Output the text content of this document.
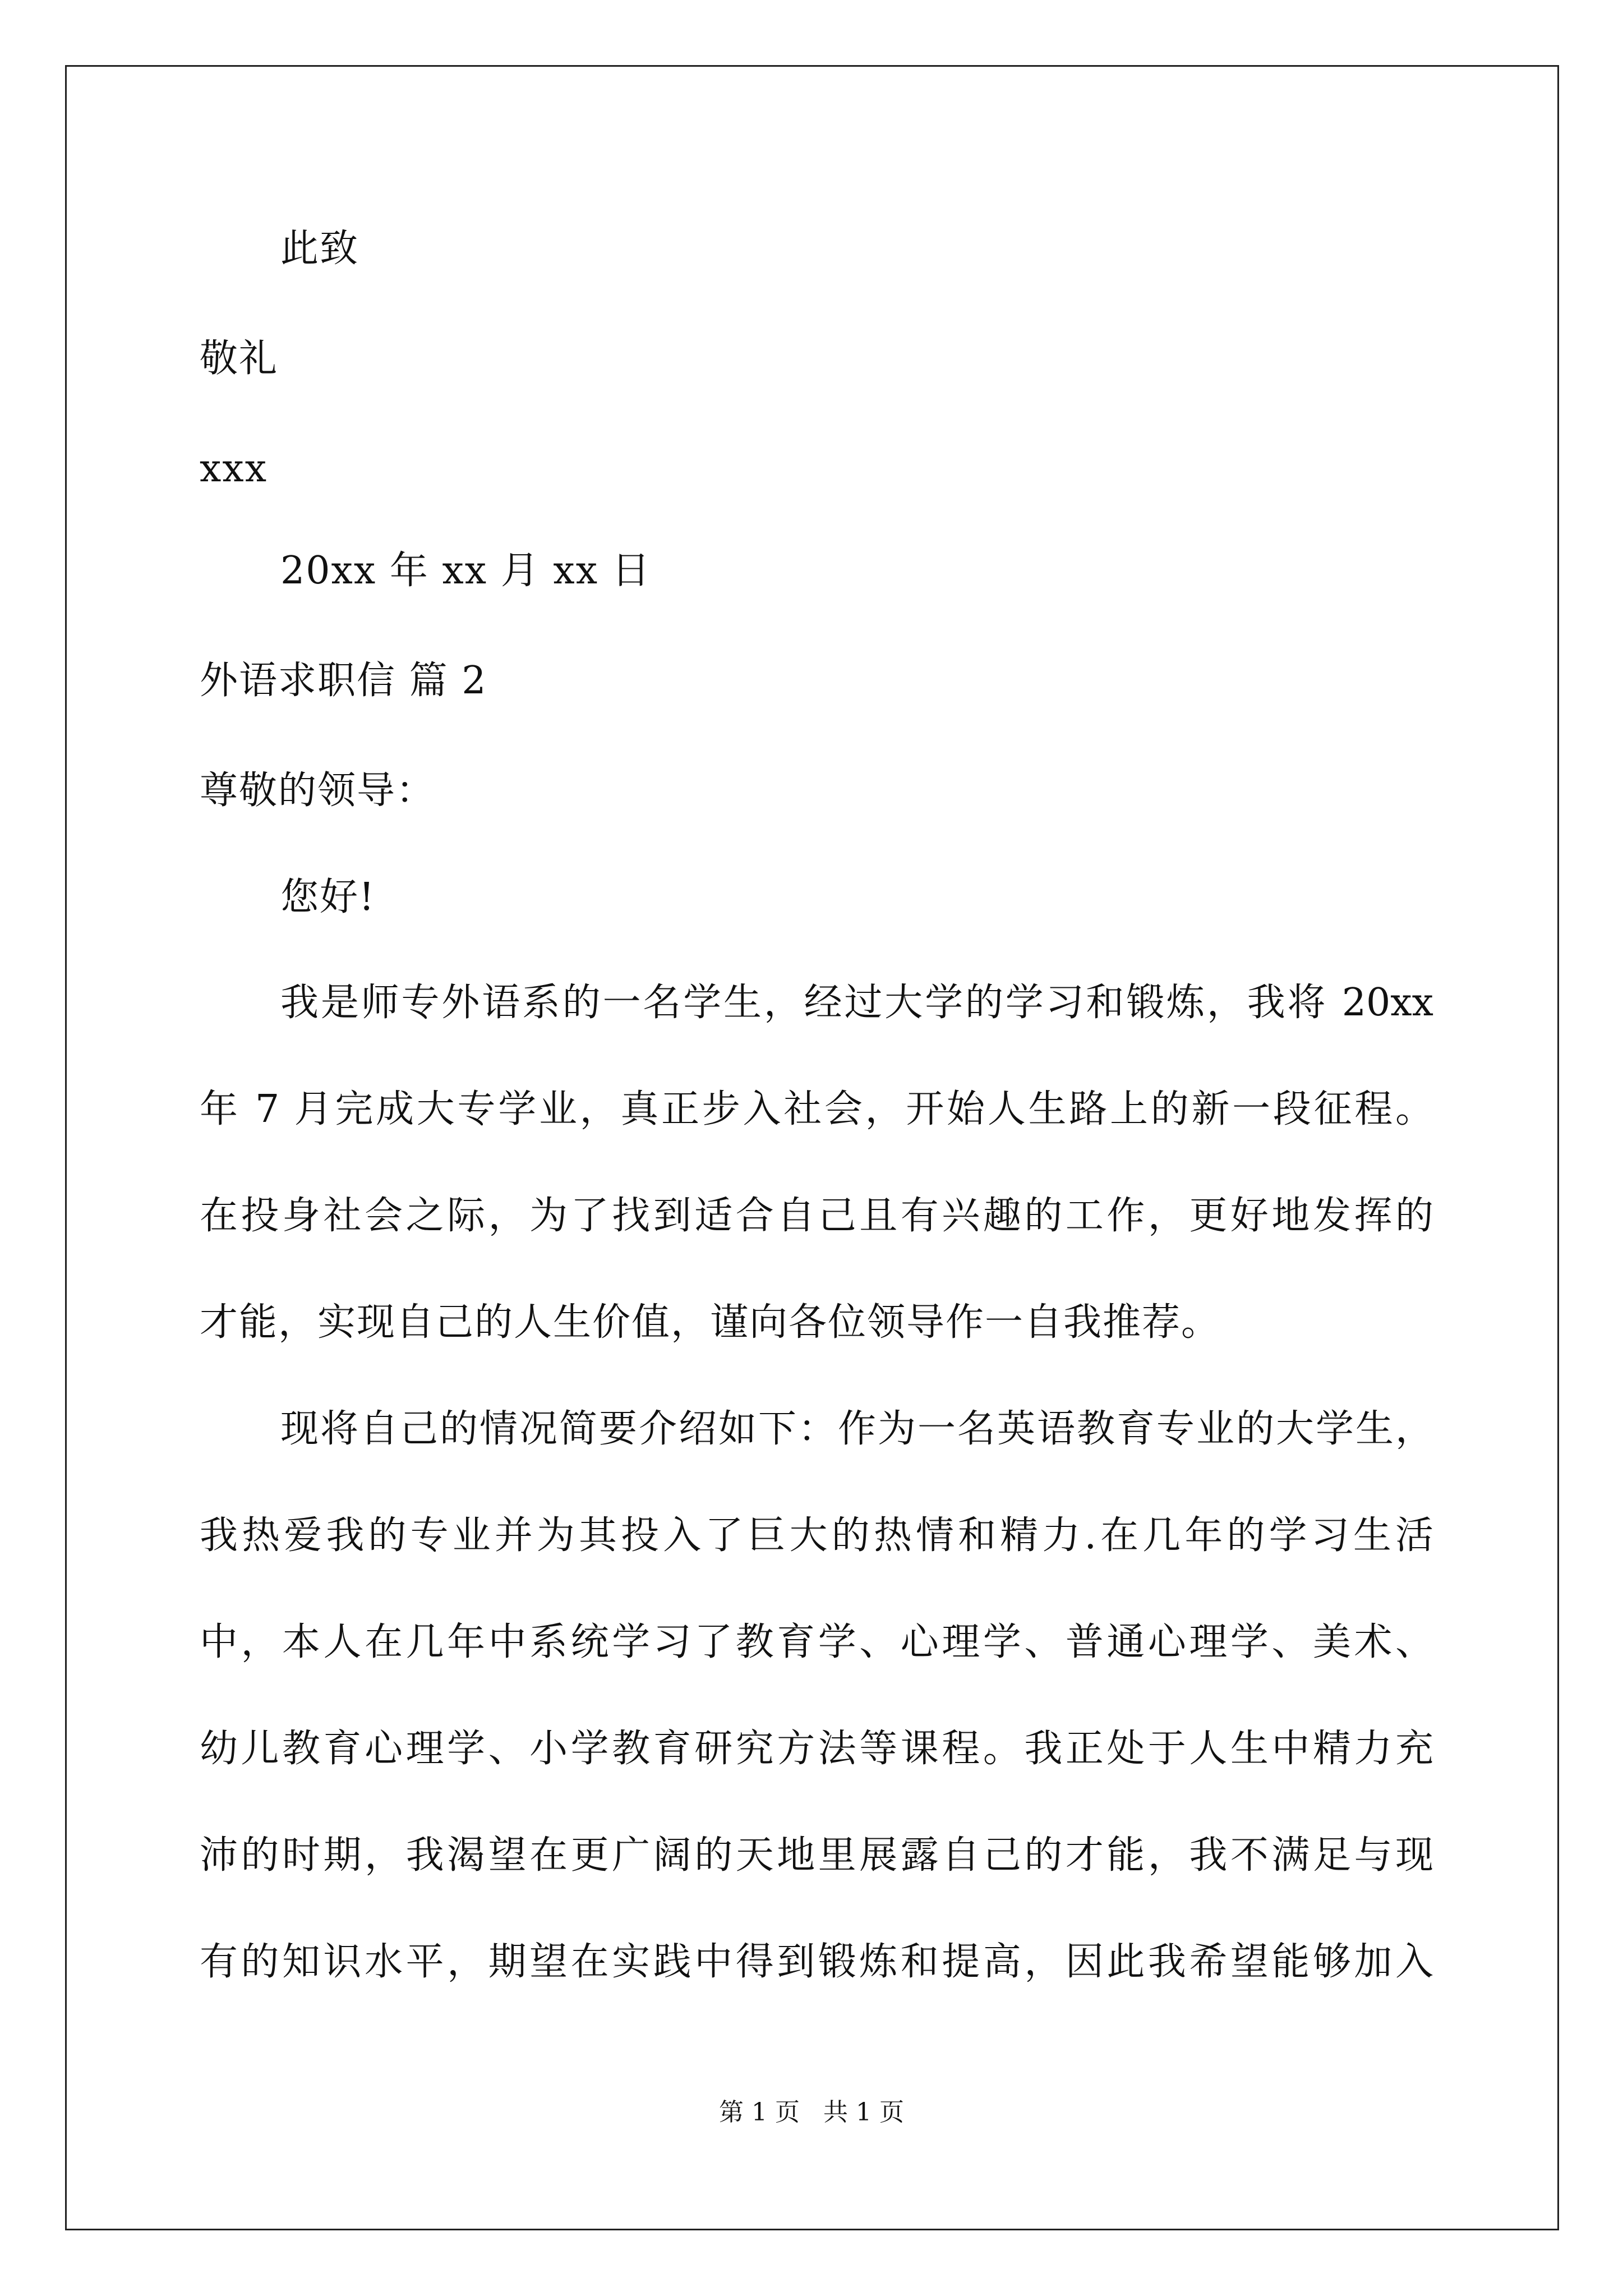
此致
敬礼
xxx
20xx 年 xx 月 xx 日
外语求职信 篇 2
尊敬的领导：
您好!
我是师专外语系的一名学生，经过大学的学习和锻炼，我将 20xx
年 7 月完成大专学业，真正步入社会，开始人生路上的新一段征程。
在投身社会之际，为了找到适合自己且有兴趣的工作，更好地发挥的
才能，实现自己的人生价值，谨向各位领导作一自我推荐。
现将自己的情况简要介绍如下：作为一名英语教育专业的大学生，
我热爱我的专业并为其投入了巨大的热情和精力.在几年的学习生活
中，本人在几年中系统学习了教育学、心理学、普通心理学、美术、
幼儿教育心理学、小学教育研究方法等课程。我正处于人生中精力充
沛的时期，我渴望在更广阔的天地里展露自己的才能，我不满足与现
有的知识水平，期望在实践中得到锻炼和提高，因此我希望能够加入
第 1 页   共 1 页
